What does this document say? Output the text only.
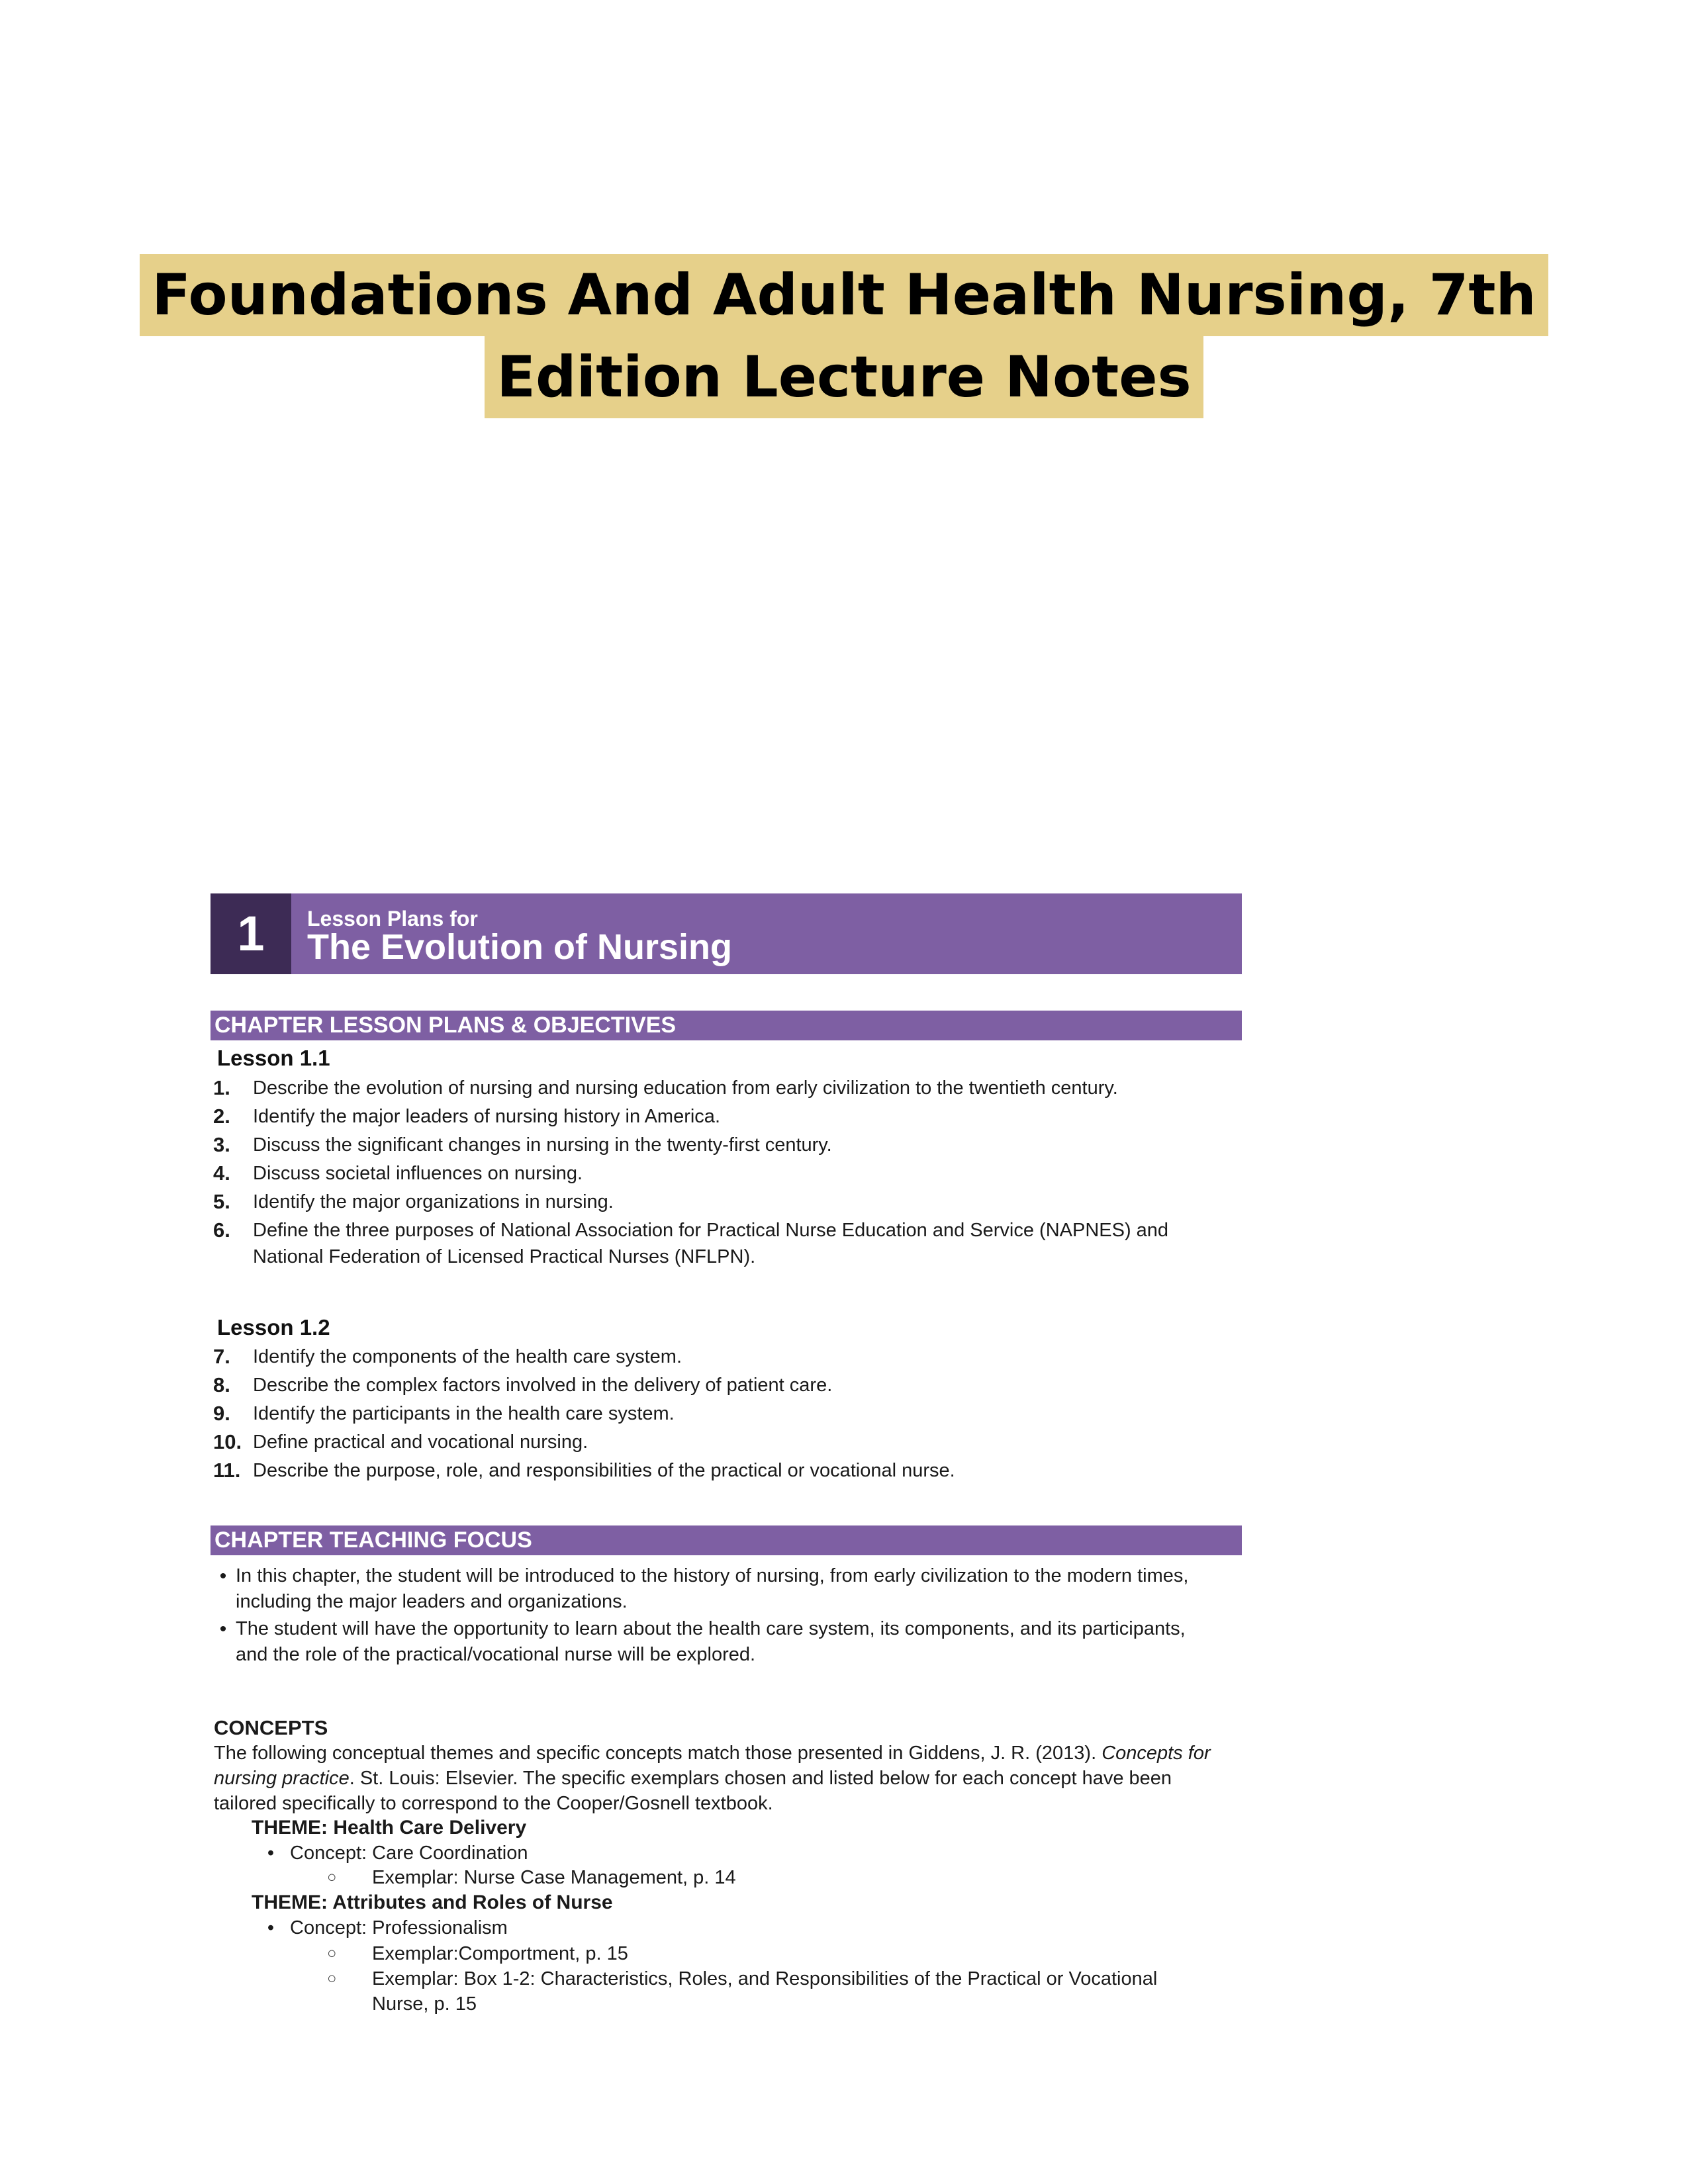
Foundations And Adult Health Nursing, 7th
Edition Lecture Notes
1	Lesson Plans for
The Evolution of Nursing
CHAPTER LESSON PLANS & OBJECTIVES
Lesson 1.1
1.	Describe the evolution of nursing and nursing education from early civilization to the twentieth century.
2.	Identify the major leaders of nursing history in America.
3.	Discuss the significant changes in nursing in the twenty-first century.
4.	Discuss societal influences on nursing.
5.	Identify the major organizations in nursing.
6.	Define the three purposes of National Association for Practical Nurse Education and Service (NAPNES) and National Federation of Licensed Practical Nurses (NFLPN).
Lesson 1.2
7.	Identify the components of the health care system.
8.	Describe the complex factors involved in the delivery of patient care.
9.	Identify the participants in the health care system.
10. Define practical and vocational nursing.
11. Describe the purpose, role, and responsibilities of the practical or vocational nurse.
CHAPTER TEACHING FOCUS
• In this chapter, the student will be introduced to the history of nursing, from early civilization to the modern times, including the major leaders and organizations.
• The student will have the opportunity to learn about the health care system, its components, and its participants, and the role of the practical/vocational nurse will be explored.
CONCEPTS
The following conceptual themes and specific concepts match those presented in Giddens, J. R. (2013). Concepts for nursing practice. St. Louis: Elsevier. The specific exemplars chosen and listed below for each concept have been tailored specifically to correspond to the Cooper/Gosnell textbook.
THEME: Health Care Delivery
• Concept: Care Coordination
○	Exemplar: Nurse Case Management, p. 14
THEME: Attributes and Roles of Nurse
• Concept: Professionalism
○	Exemplar:Comportment, p. 15
○	Exemplar: Box 1-2: Characteristics, Roles, and Responsibilities of the Practical or Vocational Nurse, p. 15
